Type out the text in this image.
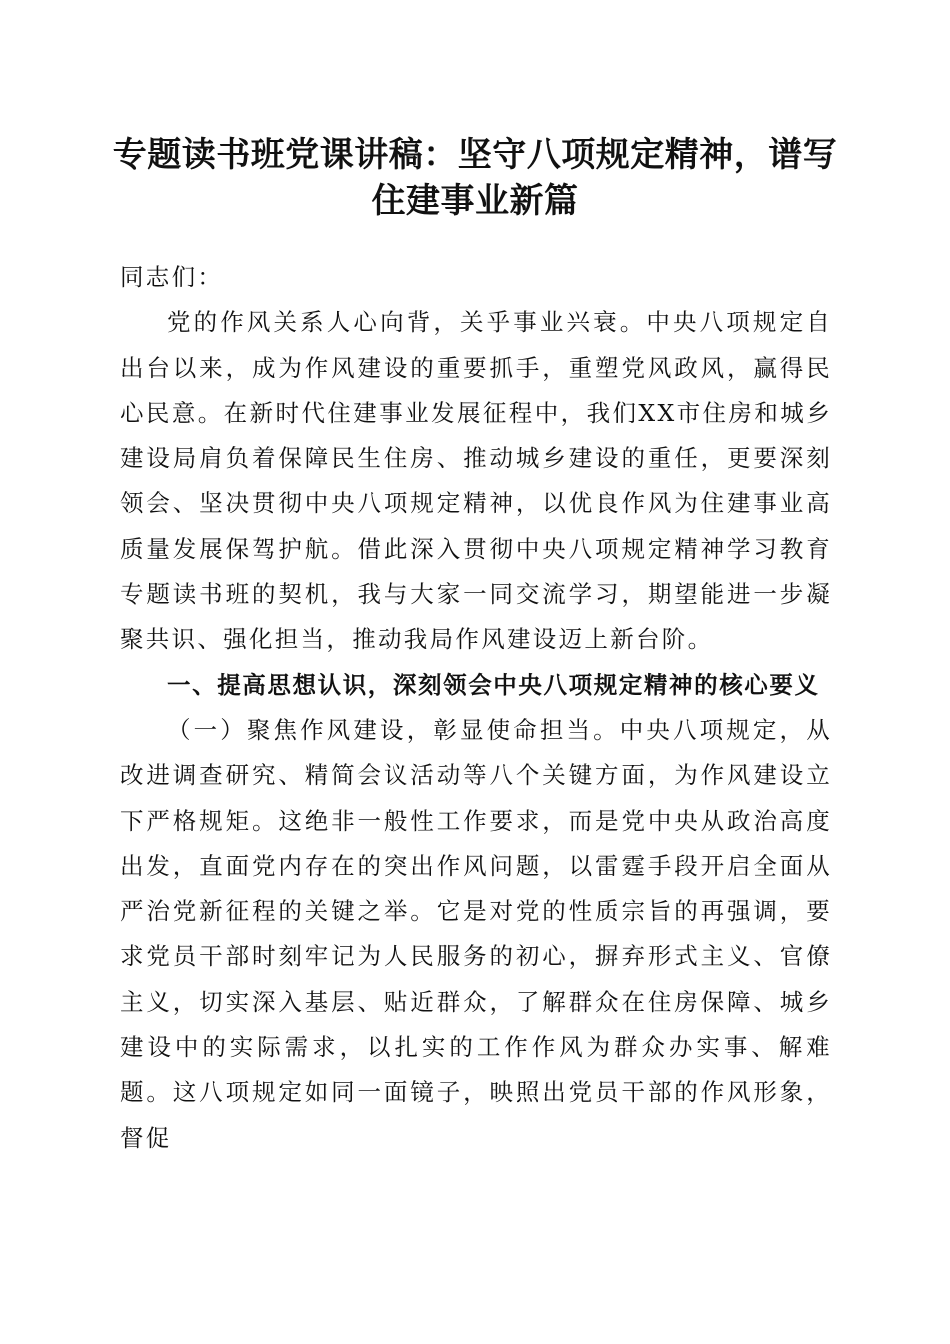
专题读书班党课讲稿：坚守八项规定精神，谱写住建事业新篇

同志们：

党的作风关系人心向背，关乎事业兴衰。中央八项规定自出台以来，成为作风建设的重要抓手，重塑党风政风，赢得民心民意。在新时代住建事业发展征程中，我们XX市住房和城乡建设局肩负着保障民生住房、推动城乡建设的重任，更要深刻领会、坚决贯彻中央八项规定精神，以优良作风为住建事业高质量发展保驾护航。借此深入贯彻中央八项规定精神学习教育专题读书班的契机，我与大家一同交流学习，期望能进一步凝聚共识、强化担当，推动我局作风建设迈上新台阶。

一、提高思想认识，深刻领会中央八项规定精神的核心要义

（一）聚焦作风建设，彰显使命担当。中央八项规定，从改进调查研究、精简会议活动等八个关键方面，为作风建设立下严格规矩。这绝非一般性工作要求，而是党中央从政治高度出发，直面党内存在的突出作风问题，以雷霆手段开启全面从严治党新征程的关键之举。它是对党的性质宗旨的再强调，要求党员干部时刻牢记为人民服务的初心，摒弃形式主义、官僚主义，切实深入基层、贴近群众，了解群众在住房保障、城乡建设中的实际需求，以扎实的工作作风为群众办实事、解难题。这八项规定如同一面镜子，映照出党员干部的作风形象，督促
